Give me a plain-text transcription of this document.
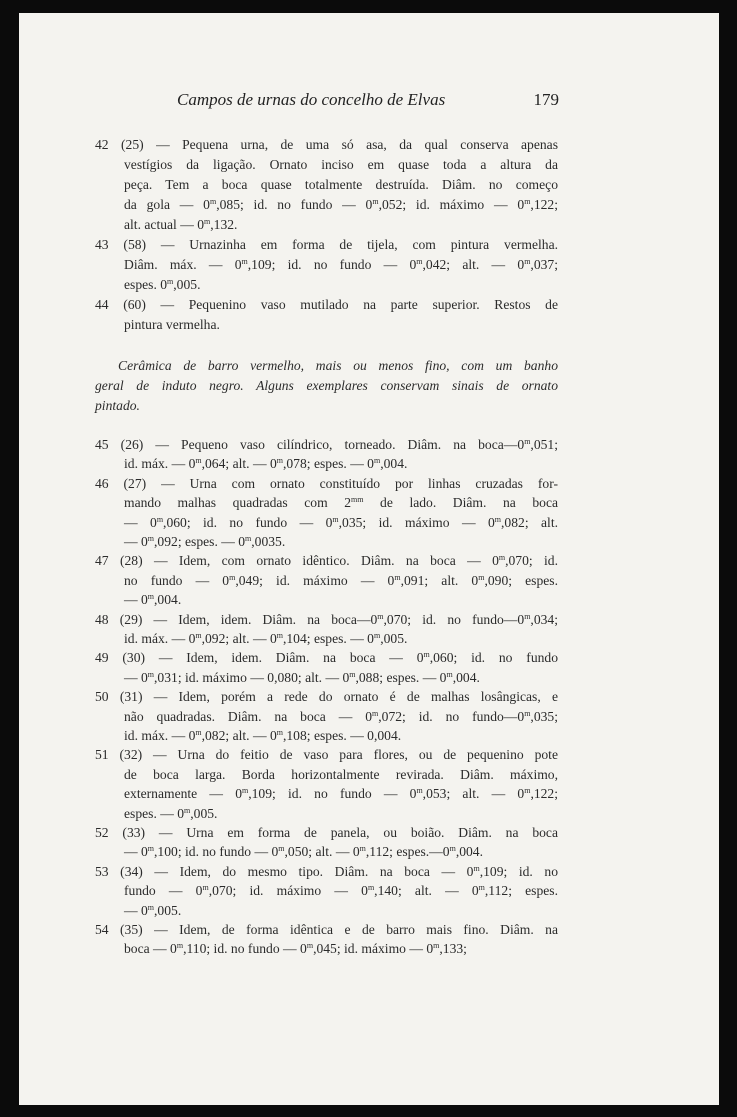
Campos de urnas do concelho de Elvas	179
42 (25) — Pequena urna, de uma só asa, da qual conserva apenas
vestígios da ligação. Ornato inciso em quase toda a altura da
peça. Tem a boca quase totalmente destruída. Diâm. no começo
da gola — 0$^m$,085; id. no fundo — 0$^m$,052; id. máximo — 0$^m$,122;
alt. actual — 0$^m$,132.
43 (58) — Urnazinha em forma de tijela, com pintura vermelha.
Diâm. máx. — 0$^m$,109; id. no fundo — 0$^m$,042; alt. — 0$^m$,037;
espes. 0$^m$,005.
44 (60) — Pequenino vaso mutilado na parte superior. Restos de
pintura vermelha.
Cerâmica de barro vermelho, mais ou menos fino, com um banho
geral de induto negro. Alguns exemplares conservam sinais de ornato
pintado.
45 (26) — Pequeno vaso cilíndrico, torneado. Diâm. na boca—0$^m$,051;
id. máx. — 0$^m$,064; alt. — 0$^m$,078; espes. — 0$^m$,004.
46 (27) — Urna com ornato constituído por linhas cruzadas for-
mando malhas quadradas com $2^{mm}$ de lado. Diâm. na boca
— 0$^m$,060; id. no fundo — 0$^m$,035; id. máximo — 0$^m$,082; alt.
— 0$^m$,092; espes. — 0$^m$,0035.
47 (28) — Idem, com ornato idêntico. Diâm. na boca — 0$^m$,070; id.
no fundo — 0$^m$,049; id. máximo — 0$^m$,091; alt. 0$^m$,090; espes.
— 0$^m$,004.
48 (29) — Idem, idem. Diâm. na boca—0$^m$,070; id. no fundo—0$^m$,034;
id. máx. — 0$^m$,092; alt. — 0$^m$,104; espes. — 0$^m$,005.
49 (30) — Idem, idem. Diâm. na boca — 0$^m$,060; id. no fundo
— 0$^m$,031; id. máximo — 0,080; alt. — 0$^m$,088; espes. — 0$^m$,004.
50 (31) — Idem, porém a rede do ornato é de malhas losângicas, e
não quadradas. Diâm. na boca — 0$^m$,072; id. no fundo—0$^m$,035;
id. máx. — 0$^m$,082; alt. — 0$^m$,108; espes. — 0,004.
51 (32) — Urna do feitio de vaso para flores, ou de pequenino pote
de boca larga. Borda horizontalmente revirada. Diâm. máximo,
externamente — 0$^m$,109; id. no fundo — 0$^m$,053; alt. — 0$^m$,122;
espes. — 0$^m$,005.
52 (33) — Urna em forma de panela, ou boião. Diâm. na boca
— 0$^m$,100; id. no fundo — 0$^m$,050; alt. — 0$^m$,112; espes.—0$^m$,004.
53 (34) — Idem, do mesmo tipo. Diâm. na boca — 0$^m$,109; id. no
fundo — 0$^m$,070; id. máximo — 0$^m$,140; alt. — 0$^m$,112; espes.
— 0$^m$,005.
54 (35) — Idem, de forma idêntica e de barro mais fino. Diâm. na
boca — 0$^m$,110; id. no fundo — 0$^m$,045; id. máximo — 0$^m$,133;
